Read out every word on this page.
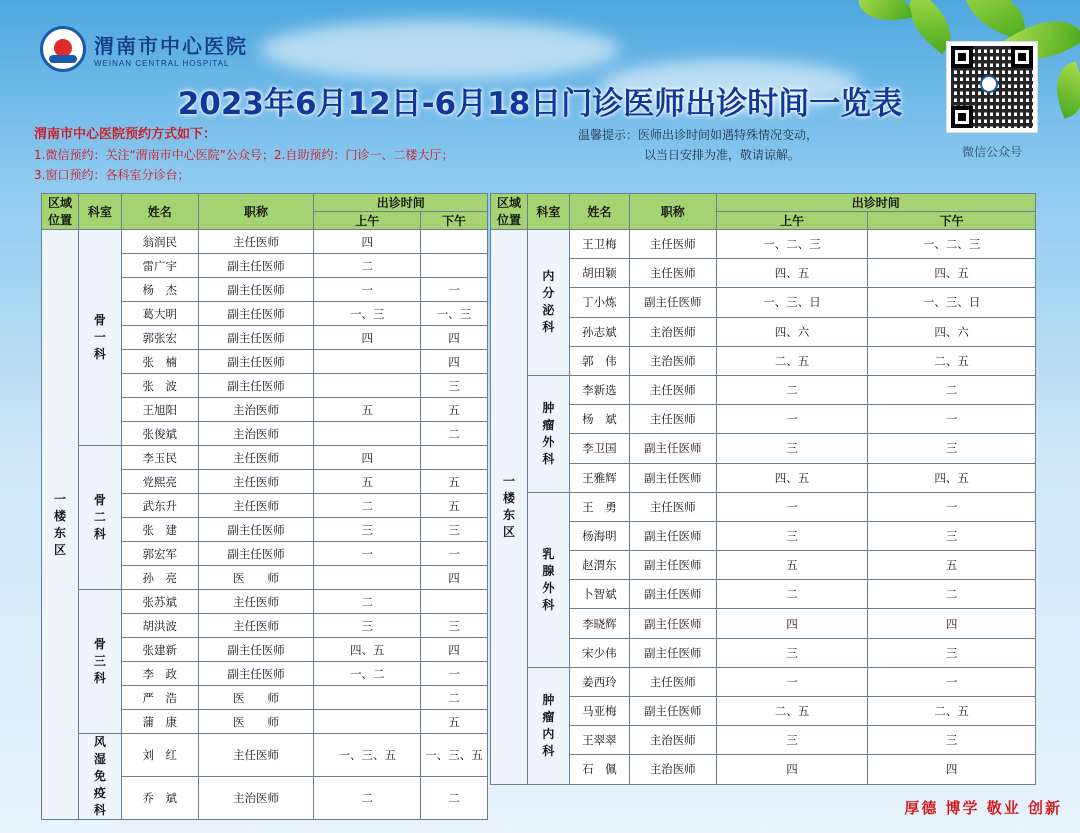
渭南市中心医院
WEINAN CENTRAL HOSPITAL
2023年6月12日-6月18日门诊医师出诊时间一览表
微信公众号
渭南市中心医院预约方式如下：
1.微信预约：关注“渭南市中心医院”公众号；2.自助预约：门诊一、二楼大厅；
3.窗口预约：各科室分诊台；
温馨提示：医师出诊时间如遇特殊情况变动，
以当日安排为准，敬请谅解。
区域位置	科室	姓名	职称	出诊时间	
				上午	下午
一楼东区	骨一科	翁润民	主任医师	四	
		雷广宇	副主任医师	二	
		杨　杰	副主任医师	一	一
		葛大明	副主任医师	一、三	一、三
		郭张宏	副主任医师	四	四
		张　楠	副主任医师		四
		张　波	副主任医师		三
		王旭阳	主治医师	五	五
		张俊斌	主治医师		二
	骨二科	李玉民	主任医师	四	
		党熙亮	主任医师	五	五
		武东升	主任医师	二	五
		张　建	副主任医师	三	三
		郭宏军	副主任医师	一	一
		孙　亮	医　　师		四
	骨三科	张苏斌	主任医师	二	
		胡洪波	主任医师	三	三
		张建新	副主任医师	四、五	四
		李　政	副主任医师	一、二	一
		严　浩	医　　师		二
		蒲　康	医　　师		五
	风湿免疫科	刘　红	主任医师	一、三、五	一、三、五
		乔　斌	主治医师	二	二
区域位置	科室	姓名	职称	出诊时间	
				上午	下午
一楼东区	内分泌科	王卫梅	主任医师	一、二、三	一、二、三
		胡田颖	主任医师	四、五	四、五
		丁小炼	副主任医师	一、三、日	一、三、日
		孙志斌	主治医师	四、六	四、六
		郭　伟	主治医师	二、五	二、五
	肿瘤外科	李新选	主任医师	二	二
		杨　斌	主任医师	一	一
		李卫国	副主任医师	三	三
		王雅辉	副主任医师	四、五	四、五
	乳腺外科	王　勇	主任医师	一	一
		杨海明	副主任医师	三	三
		赵渭东	副主任医师	五	五
		卜智斌	副主任医师	二	二
		李晓辉	副主任医师	四	四
		宋少伟	副主任医师	三	三
	肿瘤内科	姜西玲	主任医师	一	一
		马亚梅	副主任医师	二、五	二、五
		王翠翠	主治医师	三	三
		石　佩	主治医师	四	四
厚德 博学 敬业 创新
